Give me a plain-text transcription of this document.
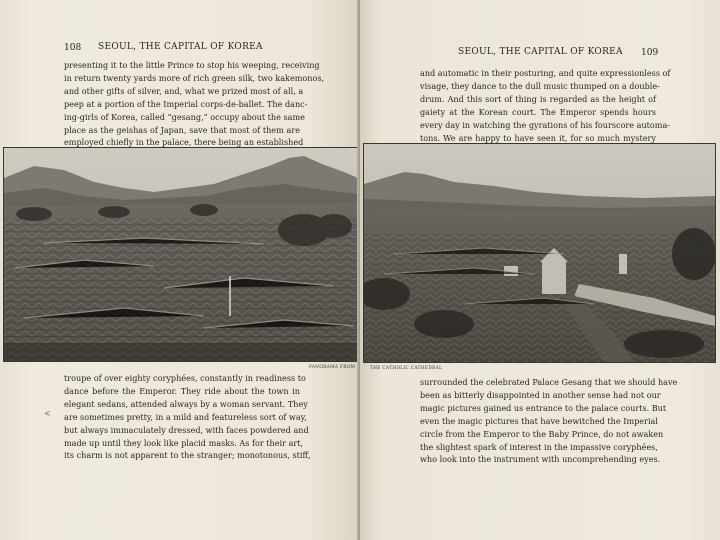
108 SEOUL, THE CAPITAL OF KOREA
presenting it to the little Prince to stop his weeping, receiving
in return twenty yards more of rich green silk, two kakemonos,
and other gifts of silver, and, what we prized most of all, a
peep at a portion of the Imperial corps-de-ballet. The danc-
ing-girls of Korea, called “gesang,” occupy about the same
place as the geishas of Japan, save that most of them are
employed chiefly in the palace, there being an established
PANORAMA FROM
troupe of over eighty coryphées, constantly in readiness to
dance before the Emperor. They ride about the town in
elegant sedans, attended always by a woman servant. They
are sometimes pretty, in a mild and featureless sort of way,
but always immaculately dressed, with faces powdered and
made up until they look like placid masks. As for their art,
its charm is not apparent to the stranger; monotonous, stiff,
<
SEOUL, THE CAPITAL OF KOREA 109
and automatic in their posturing, and quite expressionless of
visage, they dance to the dull music thumped on a double-
drum. And this sort of thing is regarded as the height of
gaiety at the Korean court. The Emperor spends hours
every day in watching the gyrations of his fourscore automa-
tons. We are happy to have seen it, for so much mystery
THE CATHOLIC CATHEDRAL
surrounded the celebrated Palace Gesang that we should have
been as bitterly disappointed in another sense had not our
magic pictures gained us entrance to the palace courts. But
even the magic pictures that have bewitched the Imperial
circle from the Emperor to the Baby Prince, do not awaken
the slightest spark of interest in the impassive coryphées,
who look into the instrument with uncomprehending eyes.
